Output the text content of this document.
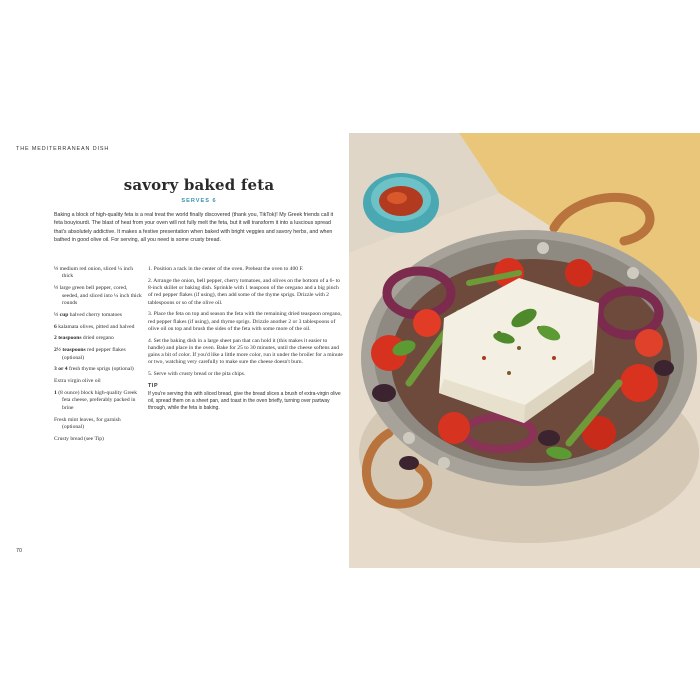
THE MEDITERRANEAN DISH
savory baked feta
SERVES 6

Baking a block of high-quality feta is a real treat the world finally discovered (thank you, TikTok)! My Greek friends call it feta bouyiourdi. The blast of heat from your oven will not fully melt the feta, but it will transform it into a luscious spread that's absolutely addictive. It makes a festive presentation when baked with bright veggies and savory herbs, and when bathed in good olive oil. For serving, all you need is some crusty bread.

½ medium red onion, sliced ¼ inch thick
½ large green bell pepper, cored, seeded, and sliced into ¼ inch thick rounds
½ cup halved cherry tomatoes
6 kalamata olives, pitted and halved
2 teaspoons dried oregano
2½ teaspoons red pepper flakes (optional)
3 or 4 fresh thyme sprigs (optional)
Extra virgin olive oil
1 (8 ounce) block high-quality Greek feta cheese, preferably packed in brine
Fresh mint leaves, for garnish (optional)
Crusty bread (see Tip)
1. Position a rack in the center of the oven. Preheat the oven to 400 F.
2. Arrange the onion, bell pepper, cherry tomatoes, and olives on the bottom of a 6- to 8-inch skillet or baking dish. Sprinkle with 1 teaspoon of the oregano and a big pinch of red pepper flakes (if using), then add some of the thyme sprigs. Drizzle with 2 tablespoons or so of the olive oil.
3. Place the feta on top and season the feta with the remaining dried teaspoon oregano, red pepper flakes (if using), and thyme sprigs. Drizzle another 2 or 3 tablespoons of olive oil on top and brush the sides of the feta with some more of the oil.
4. Set the baking dish in a large sheet pan that can hold it (this makes it easier to handle) and place in the oven. Bake for 25 to 30 minutes, until the cheese softens and gains a bit of color. If you'd like a little more color, run it under the broiler for a minute or two, watching very carefully to make sure the cheese doesn't burn.
5. Serve with crusty bread or the pita chips.
TIP
If you're serving this with sliced bread, give the bread slices a brush of extra-virgin olive oil, spread them on a sheet pan, and toast in the oven briefly, turning over partway through, while the feta is baking.
70
